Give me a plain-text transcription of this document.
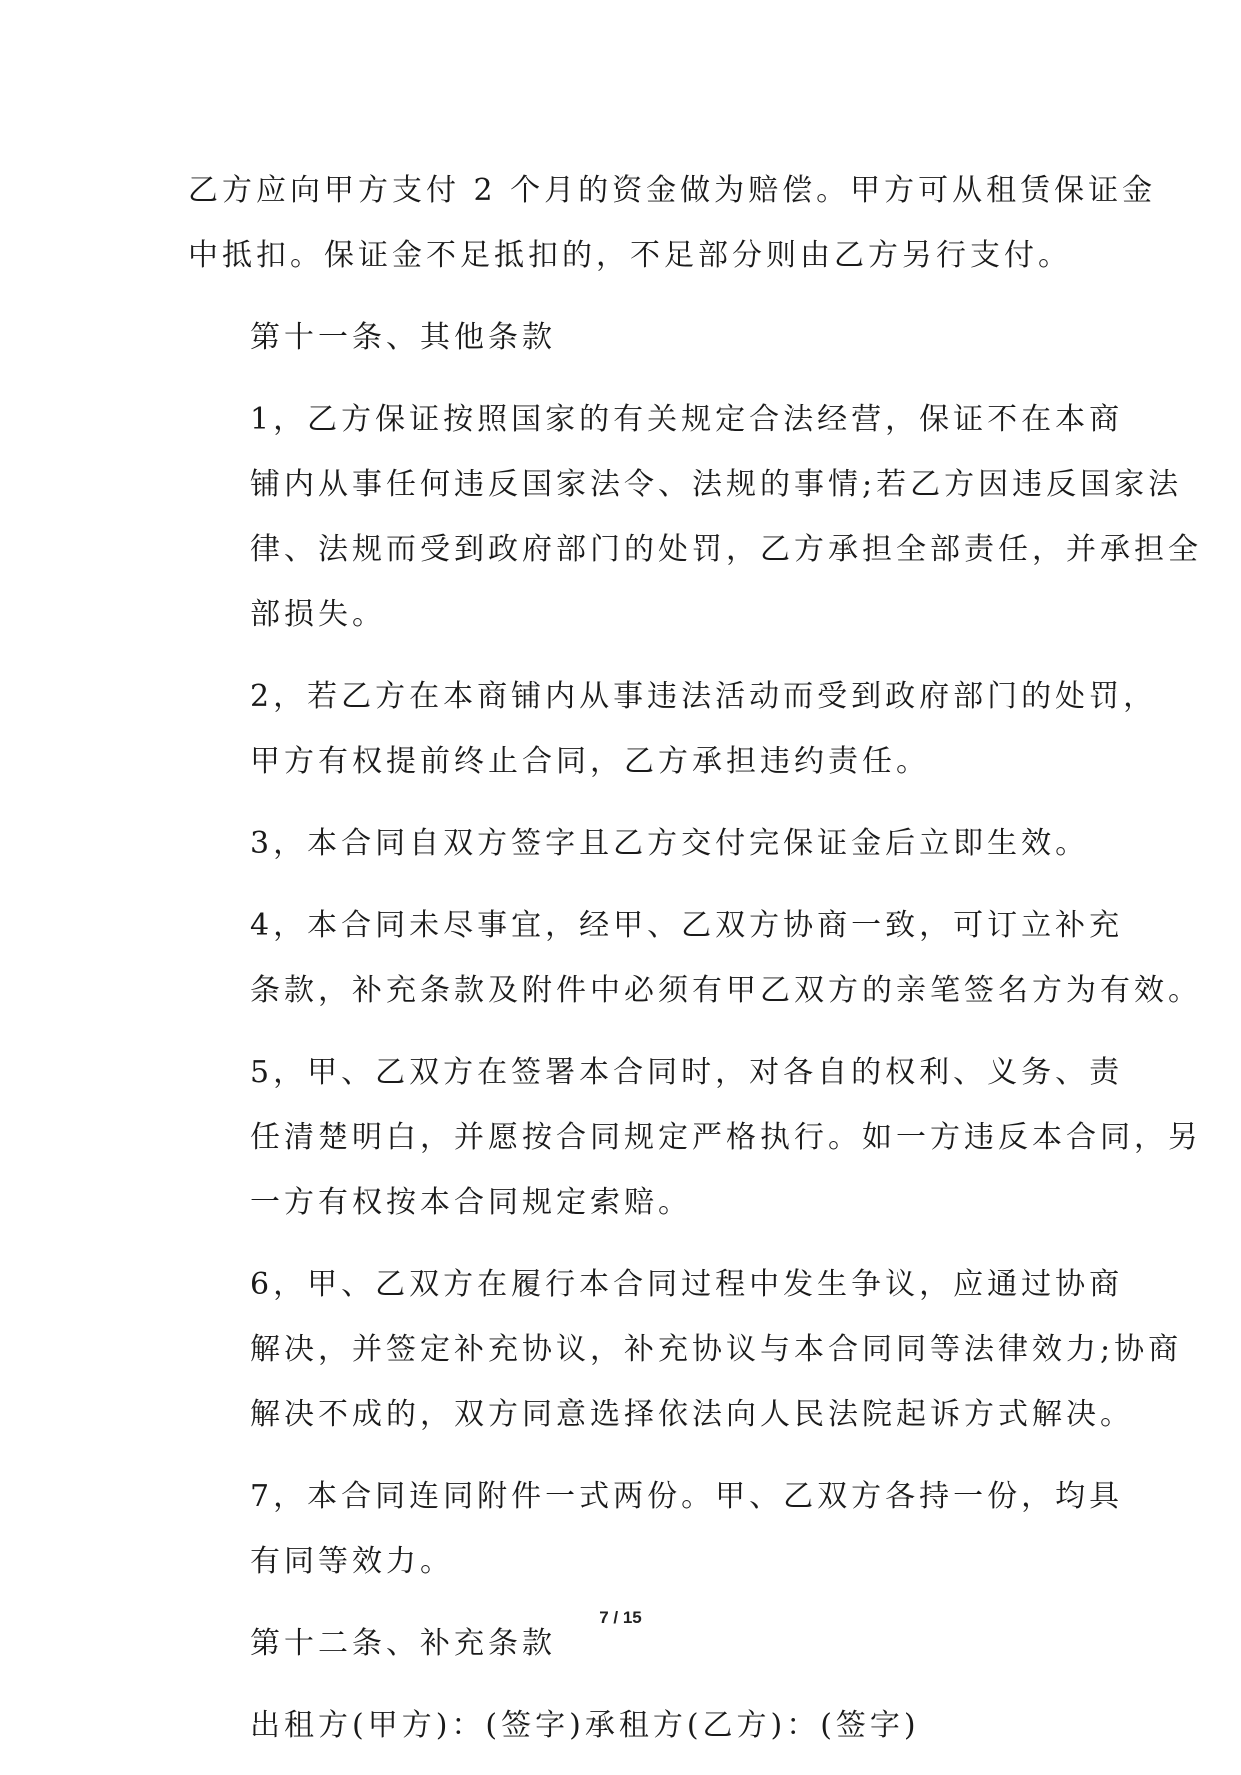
乙方应向甲方支付 2 个月的资金做为赔偿。甲方可从租赁保证金
中抵扣。保证金不足抵扣的，不足部分则由乙方另行支付。

第十一条、其他条款

1，乙方保证按照国家的有关规定合法经营，保证不在本商
铺内从事任何违反国家法令、法规的事情;若乙方因违反国家法
律、法规而受到政府部门的处罚，乙方承担全部责任，并承担全
部损失。

2，若乙方在本商铺内从事违法活动而受到政府部门的处罚，
甲方有权提前终止合同，乙方承担违约责任。

3，本合同自双方签字且乙方交付完保证金后立即生效。

4，本合同未尽事宜，经甲、乙双方协商一致，可订立补充
条款，补充条款及附件中必须有甲乙双方的亲笔签名方为有效。

5，甲、乙双方在签署本合同时，对各自的权利、义务、责
任清楚明白，并愿按合同规定严格执行。如一方违反本合同，另
一方有权按本合同规定索赔。

6，甲、乙双方在履行本合同过程中发生争议，应通过协商
解决，并签定补充协议，补充协议与本合同同等法律效力;协商
解决不成的，双方同意选择依法向人民法院起诉方式解决。

7，本合同连同附件一式两份。甲、乙双方各持一份，均具
有同等效力。

第十二条、补充条款

出租方(甲方)：(签字)承租方(乙方)：(签字)

7 / 15
